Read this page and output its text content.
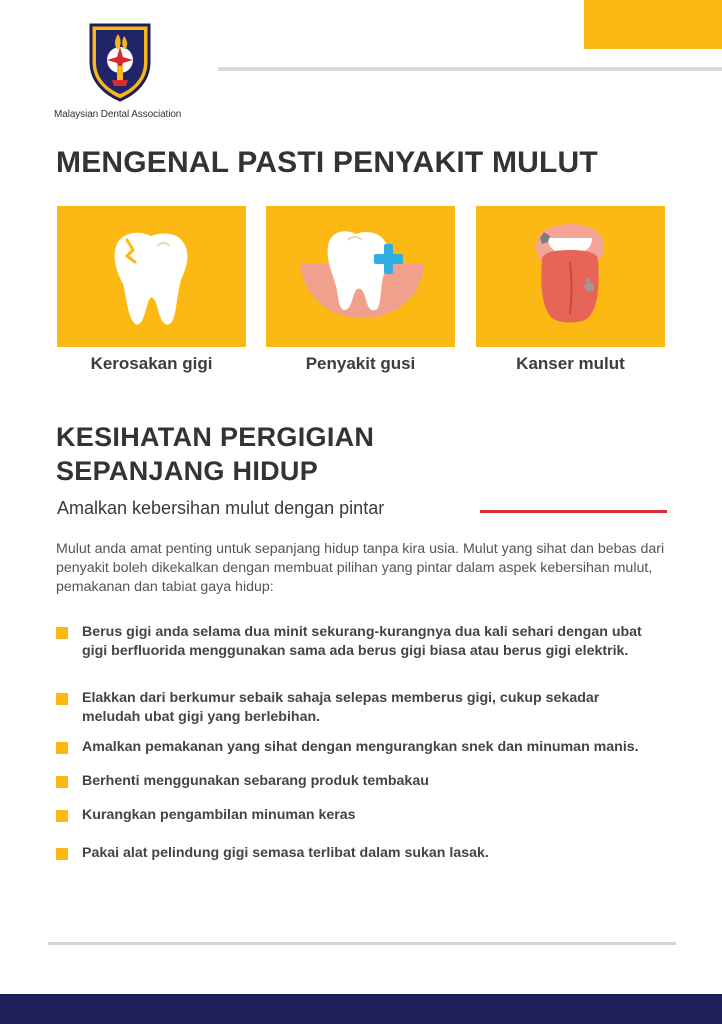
Malaysian Dental Association
MENGENAL PASTI PENYAKIT MULUT
Kerosakan gigi	Penyakit gusi	Kanser mulut
KESIHATAN PERGIGIAN
SEPANJANG HIDUP
Amalkan kebersihan mulut dengan pintar

Mulut anda amat penting untuk sepanjang hidup tanpa kira usia. Mulut yang sihat dan bebas dari penyakit boleh dikekalkan dengan membuat pilihan yang pintar dalam aspek kebersihan mulut, pemakanan dan tabiat gaya hidup:

Berus gigi anda selama dua minit sekurang-kurangnya dua kali sehari dengan ubat gigi berfluorida menggunakan sama ada berus gigi biasa atau berus gigi elektrik.
Elakkan dari berkumur sebaik sahaja selepas memberus gigi, cukup sekadar meludah ubat gigi yang berlebihan.
Amalkan pemakanan yang sihat dengan mengurangkan snek dan minuman manis.
Berhenti menggunakan sebarang produk tembakau
Kurangkan pengambilan minuman keras
Pakai alat pelindung gigi semasa terlibat dalam sukan lasak.
